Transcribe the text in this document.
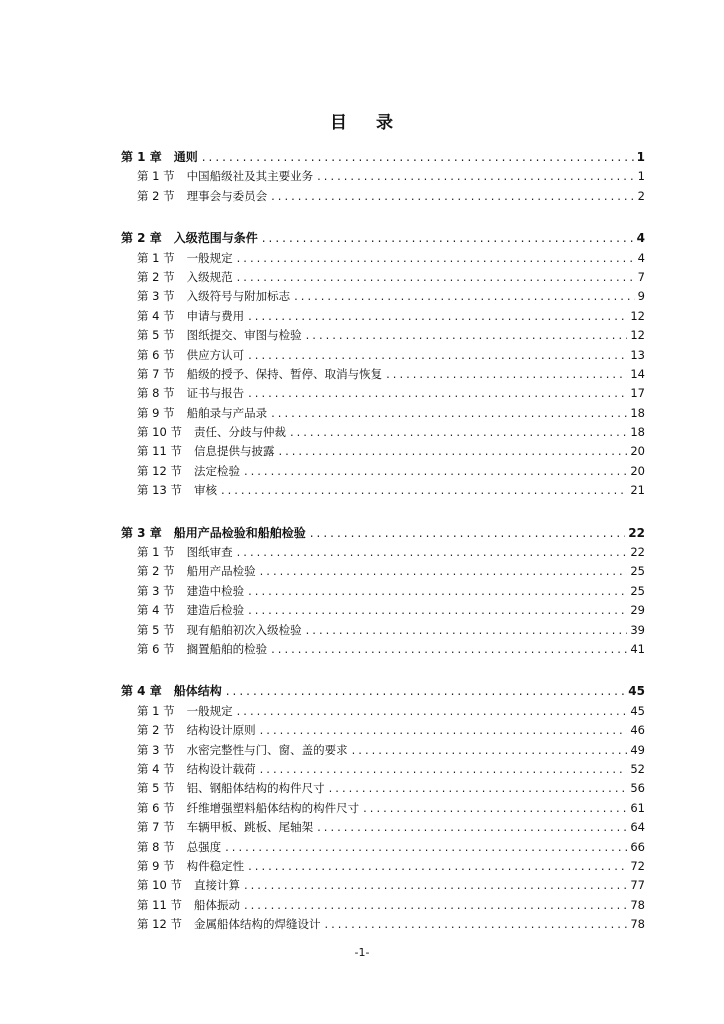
目 录
第 1 章 通则 .....	1
第 1 节 中国船级社及其主要业务 .....	1
第 2 节 理事会与委员会 .....	2
第 2 章 入级范围与条件 .....	4
第 1 节 一般规定 .....	4
第 2 节 入级规范 .....	7
第 3 节 入级符号与附加标志 .....	9
第 4 节 申请与费用 .....	12
第 5 节 图纸提交、审图与检验 .....	12
第 6 节 供应方认可 .....	13
第 7 节 船级的授予、保持、暂停、取消与恢复 .....	14
第 8 节 证书与报告 .....	17
第 9 节 船舶录与产品录 .....	18
第 10 节 责任、分歧与仲裁 .....	18
第 11 节 信息提供与披露 .....	20
第 12 节 法定检验 .....	20
第 13 节 审核 .....	21
第 3 章 船用产品检验和船舶检验 .....	22
第 1 节 图纸审查 .....	22
第 2 节 船用产品检验 .....	25
第 3 节 建造中检验 .....	25
第 4 节 建造后检验 .....	29
第 5 节 现有船舶初次入级检验 .....	39
第 6 节 搁置船舶的检验 .....	41
第 4 章 船体结构 .....	45
第 1 节 一般规定 .....	45
第 2 节 结构设计原则 .....	46
第 3 节 水密完整性与门、窗、盖的要求 .....	49
第 4 节 结构设计载荷 .....	52
第 5 节 铝、钢船体结构的构件尺寸 .....	56
第 6 节 纤维增强塑料船体结构的构件尺寸 .....	61
第 7 节 车辆甲板、跳板、尾轴架 .....	64
第 8 节 总强度 .....	66
第 9 节 构件稳定性 .....	72
第 10 节 直接计算 .....	77
第 11 节 船体振动 .....	78
第 12 节 金属船体结构的焊缝设计 .....	78
-1-
